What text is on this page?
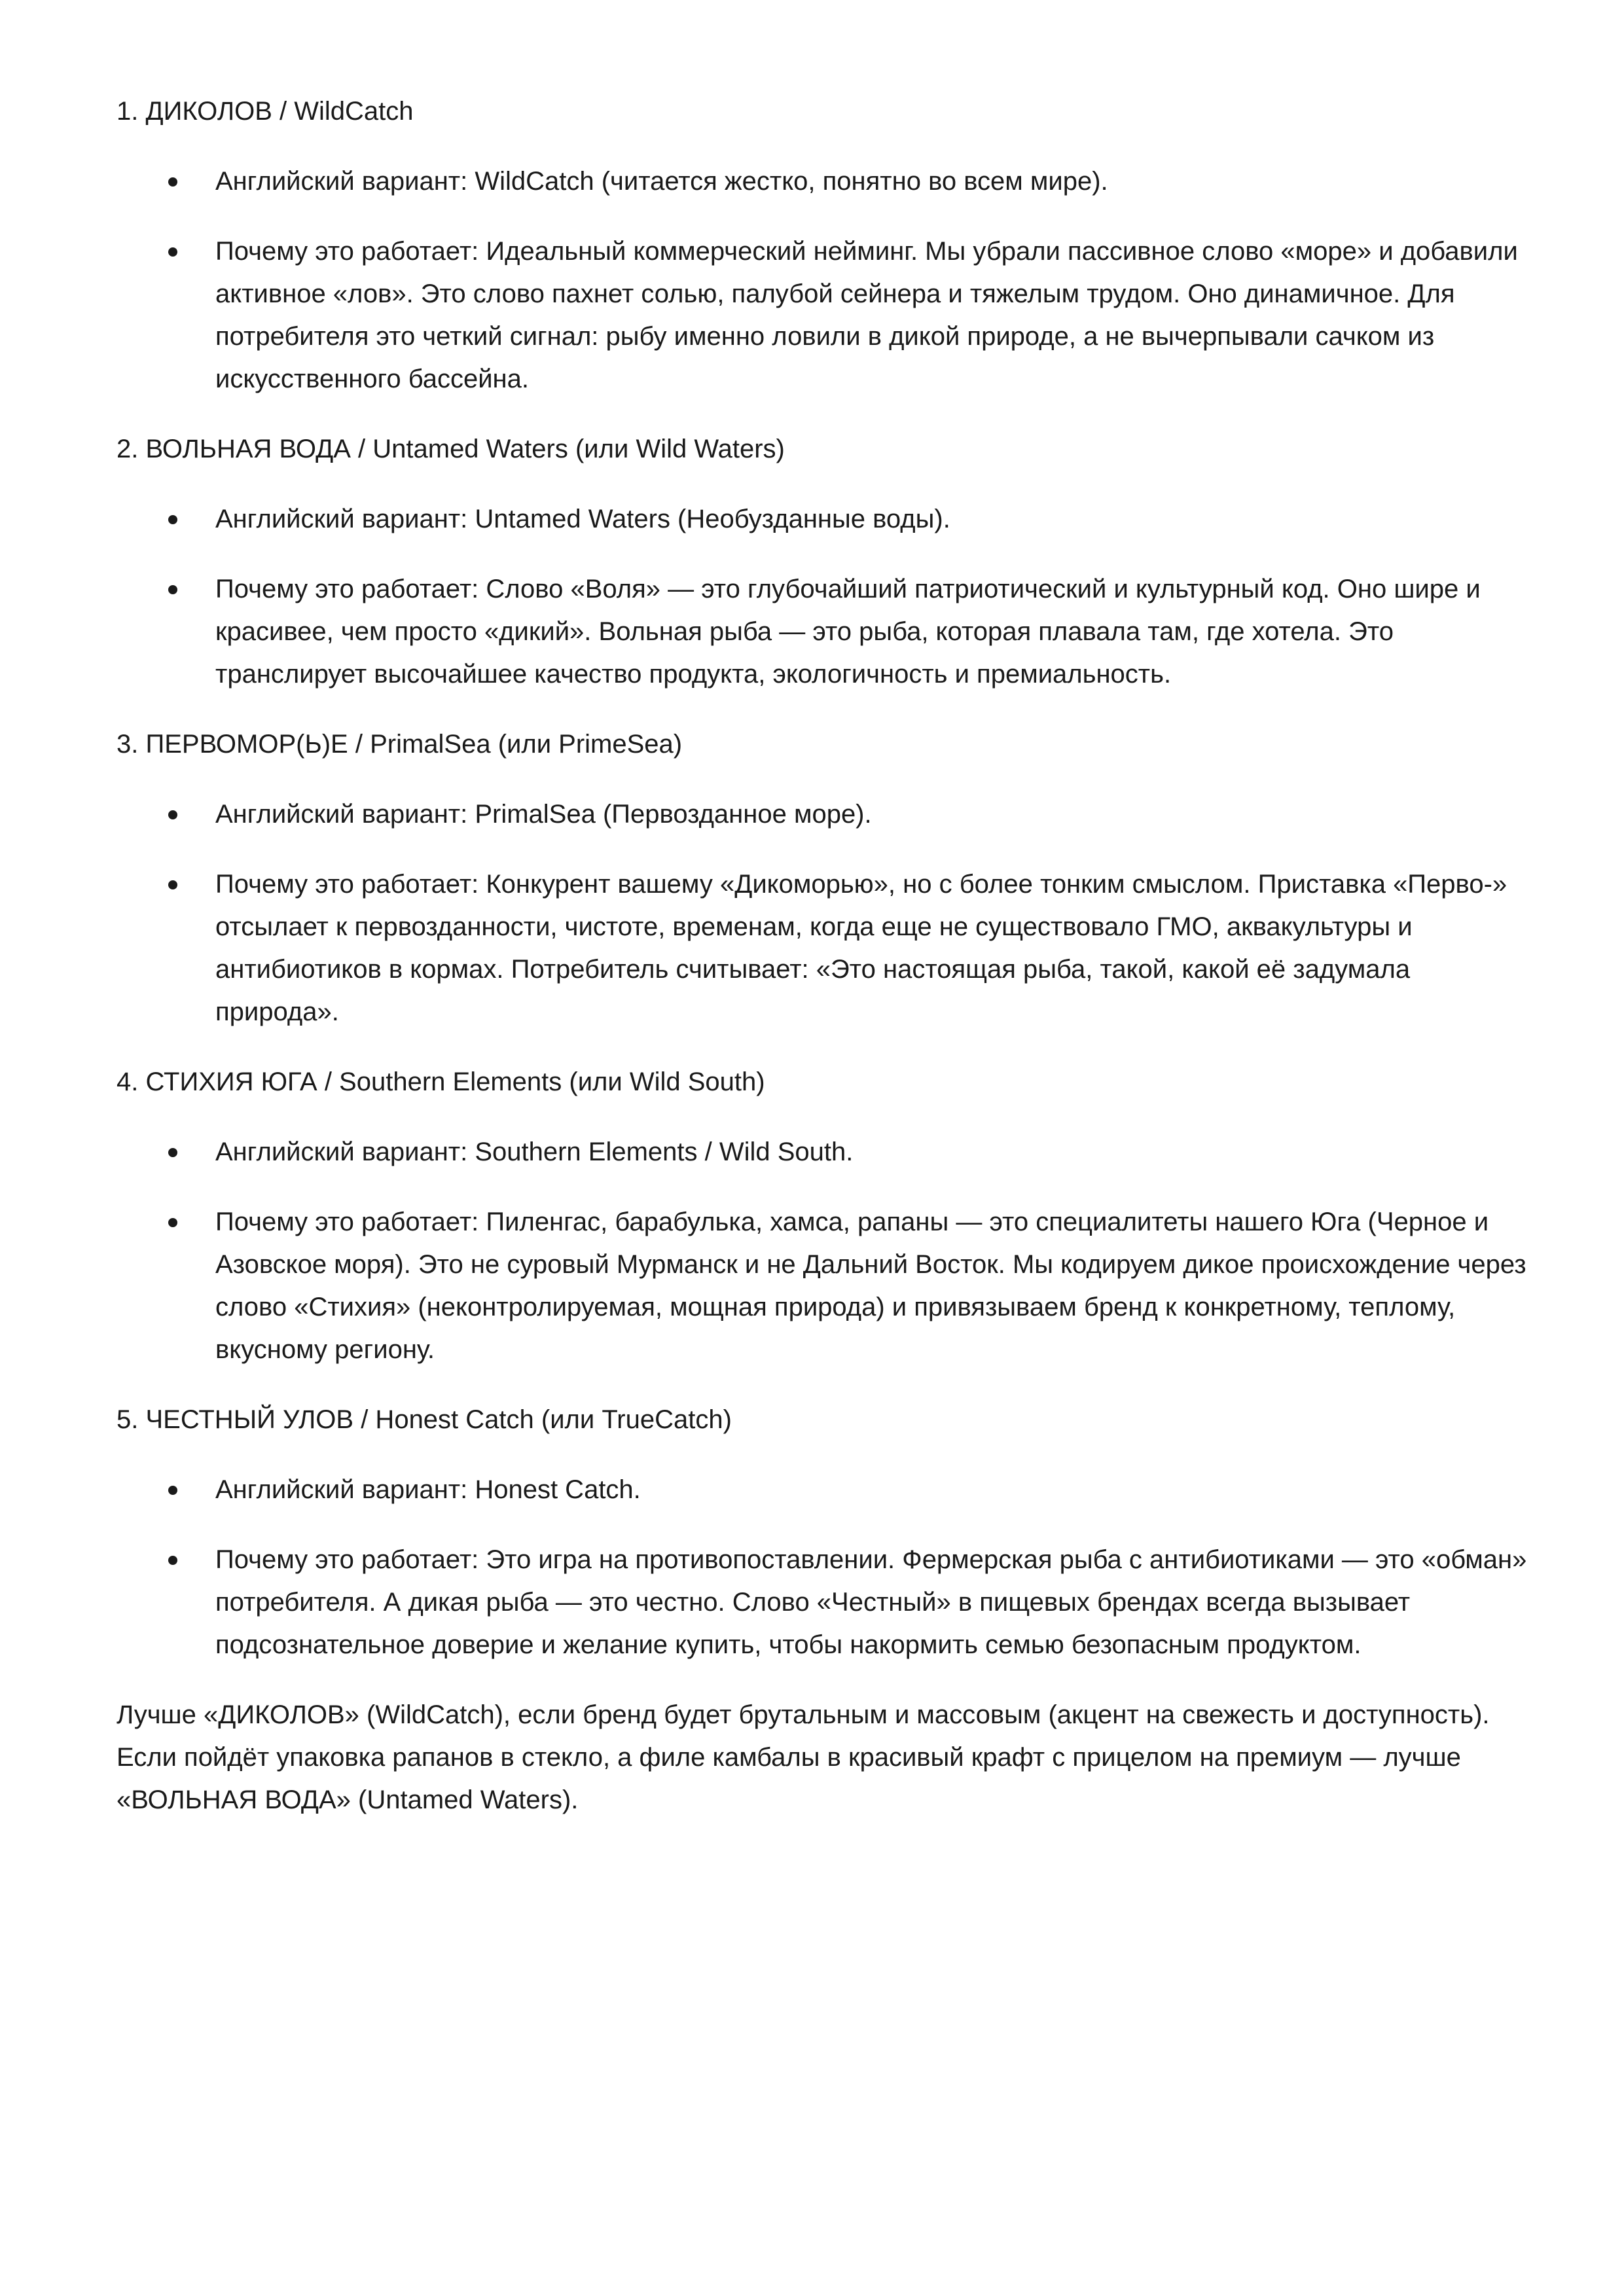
1. ДИКОЛОВ / WildCatch

Английский вариант: WildCatch (читается жестко, понятно во всем мире).
Почему это работает: Идеальный коммерческий нейминг. Мы убрали пассивное слово «море» и добавили активное «лов». Это слово пахнет солью, палубой сейнера и тяжелым трудом. Оно динамичное. Для потребителя это четкий сигнал: рыбу именно ловили в дикой природе, а не вычерпывали сачком из искусственного бассейна.

2. ВОЛЬНАЯ ВОДА / Untamed Waters (или Wild Waters)

Английский вариант: Untamed Waters (Необузданные воды).
Почему это работает: Слово «Воля» — это глубочайший патриотический и культурный код. Оно шире и красивее, чем просто «дикий». Вольная рыба — это рыба, которая плавала там, где хотела. Это транслирует высочайшее качество продукта, экологичность и премиальность.

3. ПЕРВОМОР(Ь)Е / PrimalSea (или PrimeSea)

Английский вариант: PrimalSea (Первозданное море).
Почему это работает: Конкурент вашему «Дикоморью», но с более тонким смыслом. Приставка «Перво-» отсылает к первозданности, чистоте, временам, когда еще не существовало ГМО, аквакультуры и антибиотиков в кормах. Потребитель считывает: «Это настоящая рыба, такой, какой её задумала природа».

4. СТИХИЯ ЮГА / Southern Elements (или Wild South)

Английский вариант: Southern Elements / Wild South.
Почему это работает: Пиленгас, барабулька, хамса, рапаны — это специалитеты нашего Юга (Черное и Азовское моря). Это не суровый Мурманск и не Дальний Восток. Мы кодируем дикое происхождение через слово «Стихия» (неконтролируемая, мощная природа) и привязываем бренд к конкретному, теплому, вкусному региону.

5. ЧЕСТНЫЙ УЛОВ / Honest Catch (или TrueCatch)

Английский вариант: Honest Catch.
Почему это работает: Это игра на противопоставлении. Фермерская рыба с антибиотиками — это «обман» потребителя. А дикая рыба — это честно. Слово «Честный» в пищевых брендах всегда вызывает подсознательное доверие и желание купить, чтобы накормить семью безопасным продуктом.

Лучше «ДИКОЛОВ» (WildCatch), если бренд будет брутальным и массовым (акцент на свежесть и доступность). Если пойдёт упаковка рапанов в стекло, а филе камбалы в красивый крафт с прицелом на премиум — лучше «ВОЛЬНАЯ ВОДА» (Untamed Waters).
